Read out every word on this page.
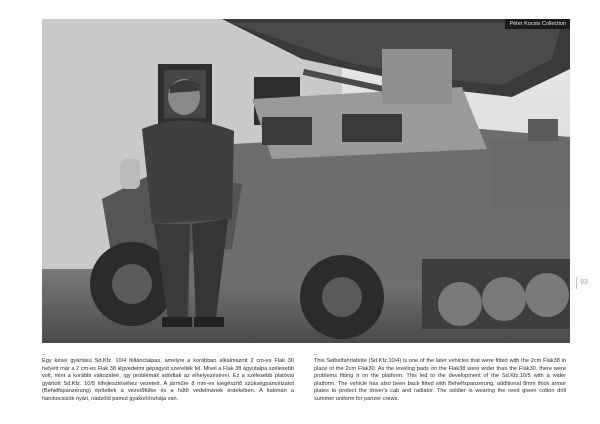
Péter Kocsis Collection
93
–
Egy kései gyártású Sd.Kfz. 10/4 féllánctalpas, amelyre a korábban alkalmazott 2 cm-es Flak 30 helyett már a 2 cm-es Flak 38 légvédelmi gépágyút szerelték fel. Mivel a Flak 38 ágyútalpa szélesebb volt, mint a korábbi változatéé, így problémák adódtak az elhelyezésével. Ez a szélesebb platóval gyártott Sd.Kfz. 10/5 kifejlesztéséhez vezetett. A járműre 8 mm-es kiegészítő szükségpáncélzatot (Behelfspanzerung) építettek a vezetőfülke és a hűtő védelmének érdekében. A katonán a harckocsizók nyári, nádzöld pamut gyakorlóruhája van.
–
This Selbstfahrlafette (Sd.Kfz.10/4) is one of the later vehicles that were fitted with the 2cm Flak38 in place of the 2cm Flak30. As the leveling pads on the Flak38 were wider than the Flak30, there were problems fitting it on the platform. This led to the development of the Sd.Kfz.10/5 with a wider platform. The vehicle has also been back fitted with Behelfspanzerung, additional 8mm thick armor plates to protect the driver's cab and radiator. The soldier is wearing the reed green cotton drill summer uniform for panzer crews.
